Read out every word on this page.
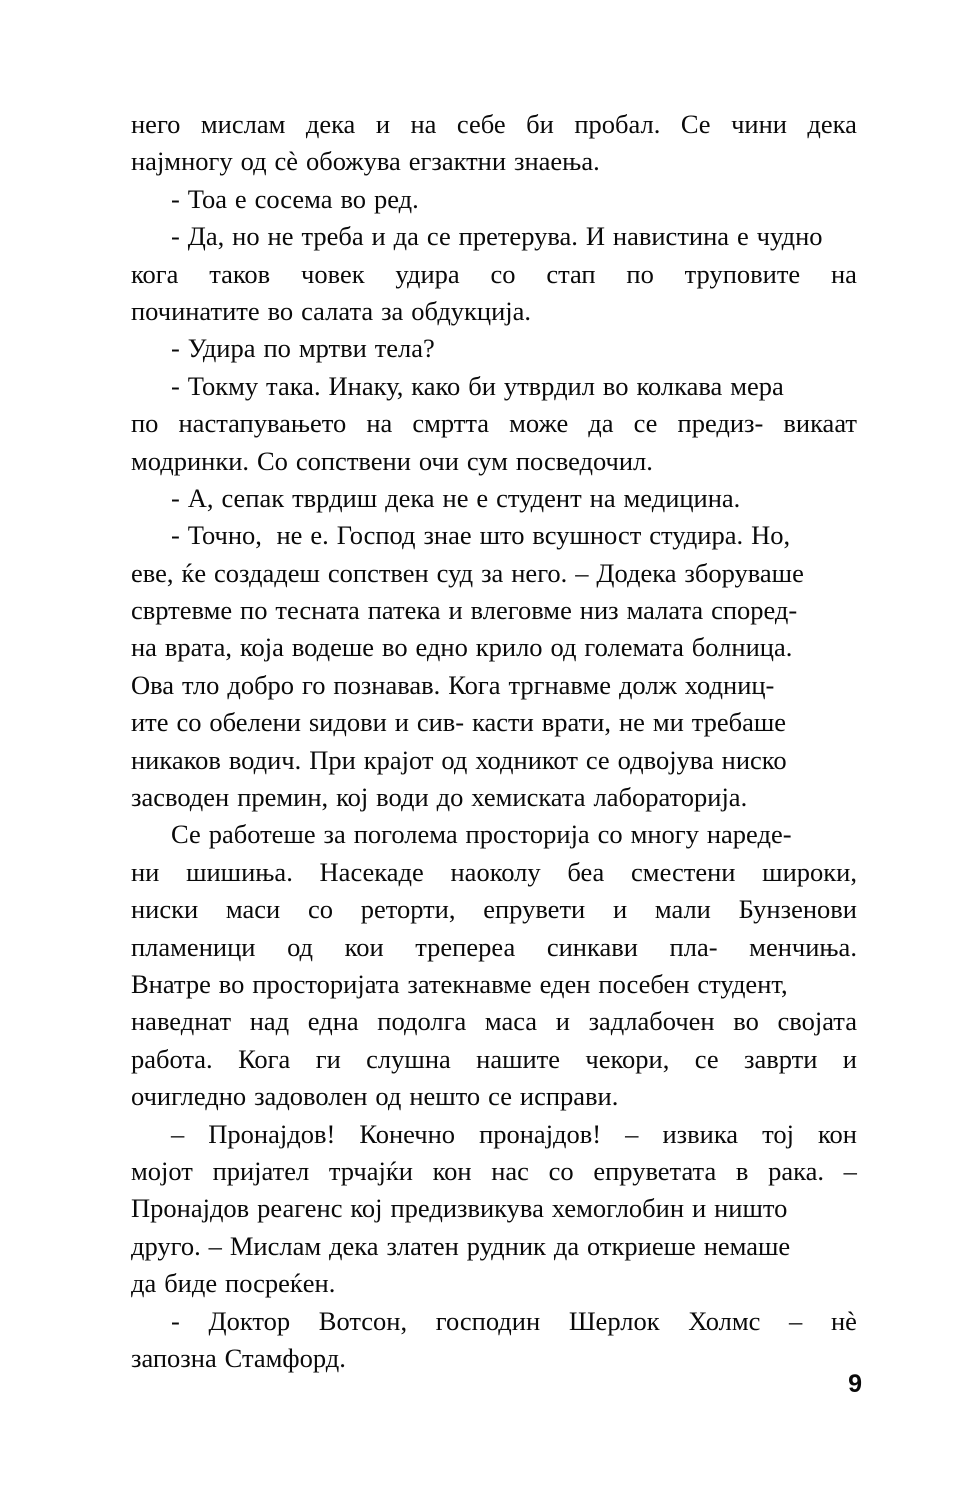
него мислам дека и на себе би пробал. Се чини дека
најмногу од сè обожува егзактни знаења.
- Тоа е сосема во ред.
- Да, но не треба и да се претерува. И навистина е чудно
кога таков човек удира со стап по труповите на
починатите во салата за обдукција.
- Удира по мртви тела?
- Токму така. Инаку, како би утврдил во колкава мера
по настапувањето на смртта може да се предиз- викаат
модринки. Со сопствени очи сум посведочил.
- А, сепак тврдиш дека не е студент на медицина.
- Точно, не е. Господ знае што всушност студира. Но,
еве, ќе создадеш сопствен суд за него. – Додека зборуваше
свртевме по теснатa патека и влеговме низ малата според-
на врата, која водеше во едно крило од големата болница.
Ова тло добро го познавав. Кога тргнавме долж ходниц-
ите со обелени ѕидови и сив- касти врати, не ми требаше
никаков водич. При крајот од ходникот се одвојува ниско
засводен премин, кој води до хемиската лабораторија.
Се работеше за поголема просторија со многу нареде-
ни шишиња. Насекаде наоколу беа сместени широки,
ниски маси со реторти, епрувети и мали Бунзенови
пламеници од кои трепереа синкави пла- менчиња.
Внатре во просторијата затекнавме еден посебен студент,
наведнат над една подолга маса и задлабочен во својата
работа. Кога ги слушна нашите чекори, се заврти и
очигледно задоволен од нешто се исправи.
– Пронајдов! Конечно пронајдов! – извика тој кон
мојот пријател трчајќи кон нас со епруветата в рака. –
Пронајдов реагенс кој предизвикува хемоглобин и ништо
друго. – Мислам дека златен рудник да откриеше немаше
да биде посреќен.
- Доктор Вотсон, господин Шерлок Холмс – нè
запозна Стамфорд.
9
